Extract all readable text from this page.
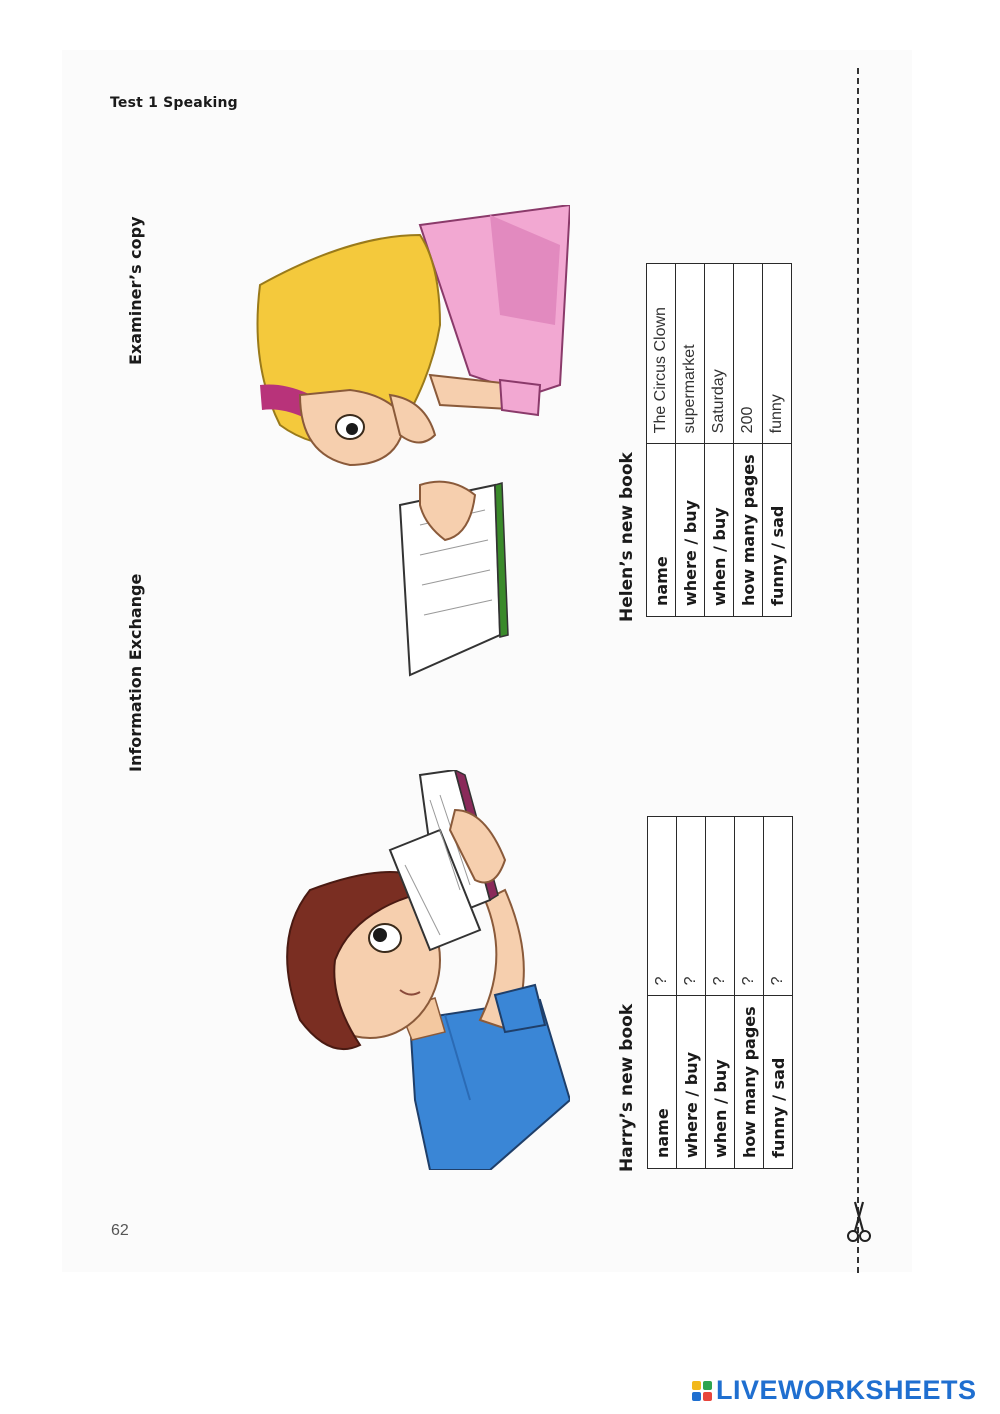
Test 1 Speaking
Information Exchange
Examiner’s copy
Harry’s new book
Helen’s new book
name	?
where / buy	?
when / buy	?
how many pages	?
funny / sad	?
name	The Circus Clown
where / buy	supermarket
when / buy	Saturday
how many pages	200
funny / sad	funny
62
LIVEWORKSHEETS
